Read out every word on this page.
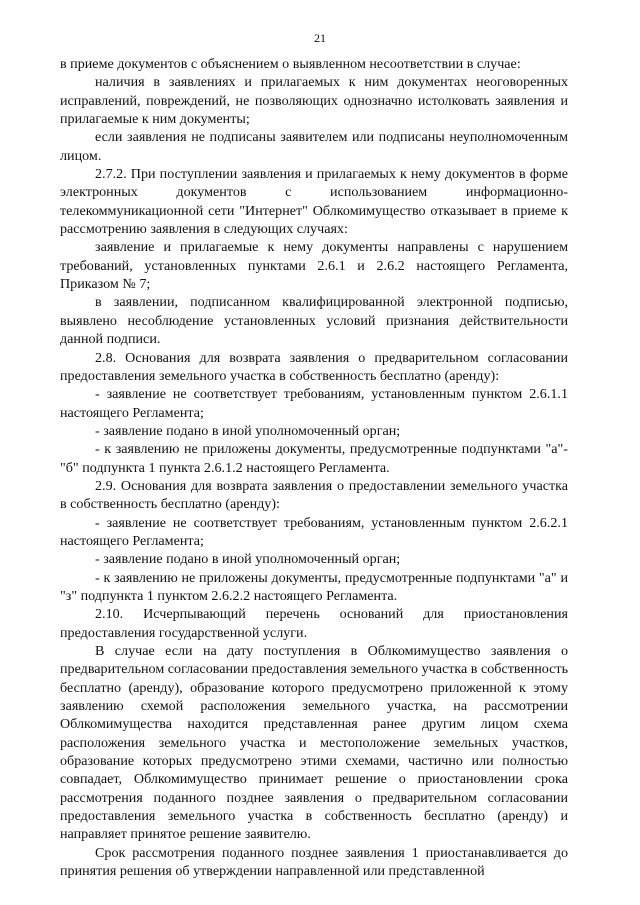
21

в приеме документов с объяснением о выявленном несоответствии в случае:

наличия в заявлениях и прилагаемых к ним документах неоговоренных исправлений, повреждений, не позволяющих однозначно истолковать заявления и прилагаемые к ним документы;

если заявления не подписаны заявителем или подписаны неуполномоченным лицом.

2.7.2. При поступлении заявления и прилагаемых к нему документов в форме электронных документов с использованием информационно-телекоммуникационной сети "Интернет" Облкомимущество отказывает в приеме к рассмотрению заявления в следующих случаях:

заявление и прилагаемые к нему документы направлены с нарушением требований, установленных пунктами 2.6.1 и 2.6.2 настоящего Регламента, Приказом № 7;

в заявлении, подписанном квалифицированной электронной подписью, выявлено несоблюдение установленных условий признания действительности данной подписи.

2.8. Основания для возврата заявления о предварительном согласовании предоставления земельного участка в собственность бесплатно (аренду):

- заявление не соответствует требованиям, установленным пунктом 2.6.1.1 настоящего Регламента;

- заявление подано в иной уполномоченный орган;

- к заявлению не приложены документы, предусмотренные подпунктами "а"-"б" подпункта 1 пункта 2.6.1.2 настоящего Регламента.

2.9. Основания для возврата заявления о предоставлении земельного участка в собственность бесплатно (аренду):

- заявление не соответствует требованиям, установленным пунктом 2.6.2.1 настоящего Регламента;

- заявление подано в иной уполномоченный орган;

- к заявлению не приложены документы, предусмотренные подпунктами "а" и "з" подпункта 1 пунктом 2.6.2.2 настоящего Регламента.

2.10. Исчерпывающий перечень оснований для приостановления предоставления государственной услуги.

В случае если на дату поступления в Облкомимущество заявления о предварительном согласовании предоставления земельного участка в собственность бесплатно (аренду), образование которого предусмотрено приложенной к этому заявлению схемой расположения земельного участка, на рассмотрении Облкомимущества находится представленная ранее другим лицом схема расположения земельного участка и местоположение земельных участков, образование которых предусмотрено этими схемами, частично или полностью совпадает, Облкомимущество принимает решение о приостановлении срока рассмотрения поданного позднее заявления о предварительном согласовании предоставления земельного участка в собственность бесплатно (аренду) и направляет принятое решение заявителю.

Срок рассмотрения поданного позднее заявления 1 приостанавливается до принятия решения об утверждении направленной или представленной
